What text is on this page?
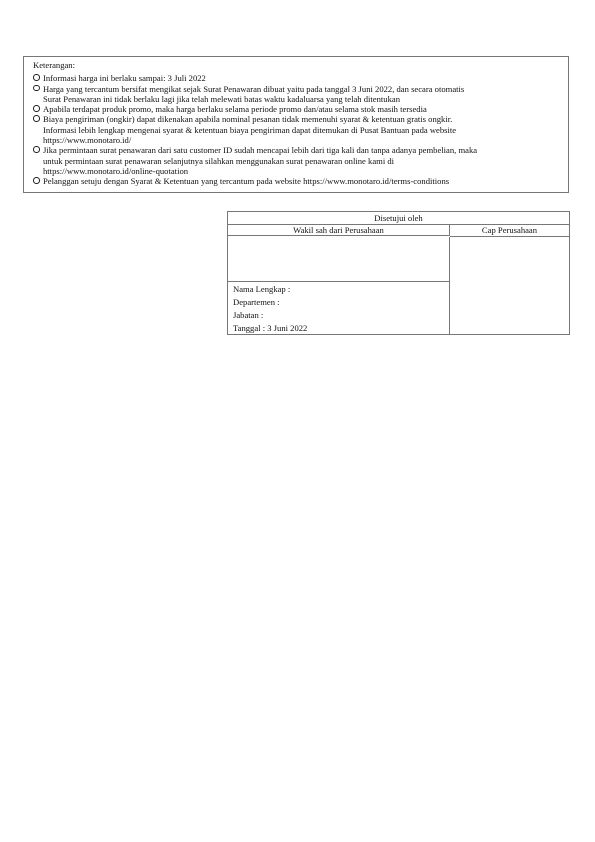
Keterangan:
Informasi harga ini berlaku sampai: 3 Juli 2022
Harga yang tercantum bersifat mengikat sejak Surat Penawaran dibuat yaitu pada tanggal 3 Juni 2022, dan secara otomatis
Surat Penawaran ini tidak berlaku lagi jika telah melewati batas waktu kadaluarsa yang telah ditentukan
Apabila terdapat produk promo, maka harga berlaku selama periode promo dan/atau selama stok masih tersedia
Biaya pengiriman (ongkir) dapat dikenakan apabila nominal pesanan tidak memenuhi syarat & ketentuan gratis ongkir.
Informasi lebih lengkap mengenai syarat & ketentuan biaya pengiriman dapat ditemukan di Pusat Bantuan pada website
https://www.monotaro.id/
Jika permintaan surat penawaran dari satu customer ID sudah mencapai lebih dari tiga kali dan tanpa adanya pembelian, maka
untuk permintaan surat penawaran selanjutnya silahkan menggunakan surat penawaran online kami di
https://www.monotaro.id/online-quotation
Pelanggan setuju dengan Syarat & Ketentuan yang tercantum pada website https://www.monotaro.id/terms-conditions
Disetujui oleh
Wakil sah dari Perusahaan	Cap Perusahaan
Nama Lengkap :
Departemen :
Jabatan :
Tanggal : 3 Juni 2022
